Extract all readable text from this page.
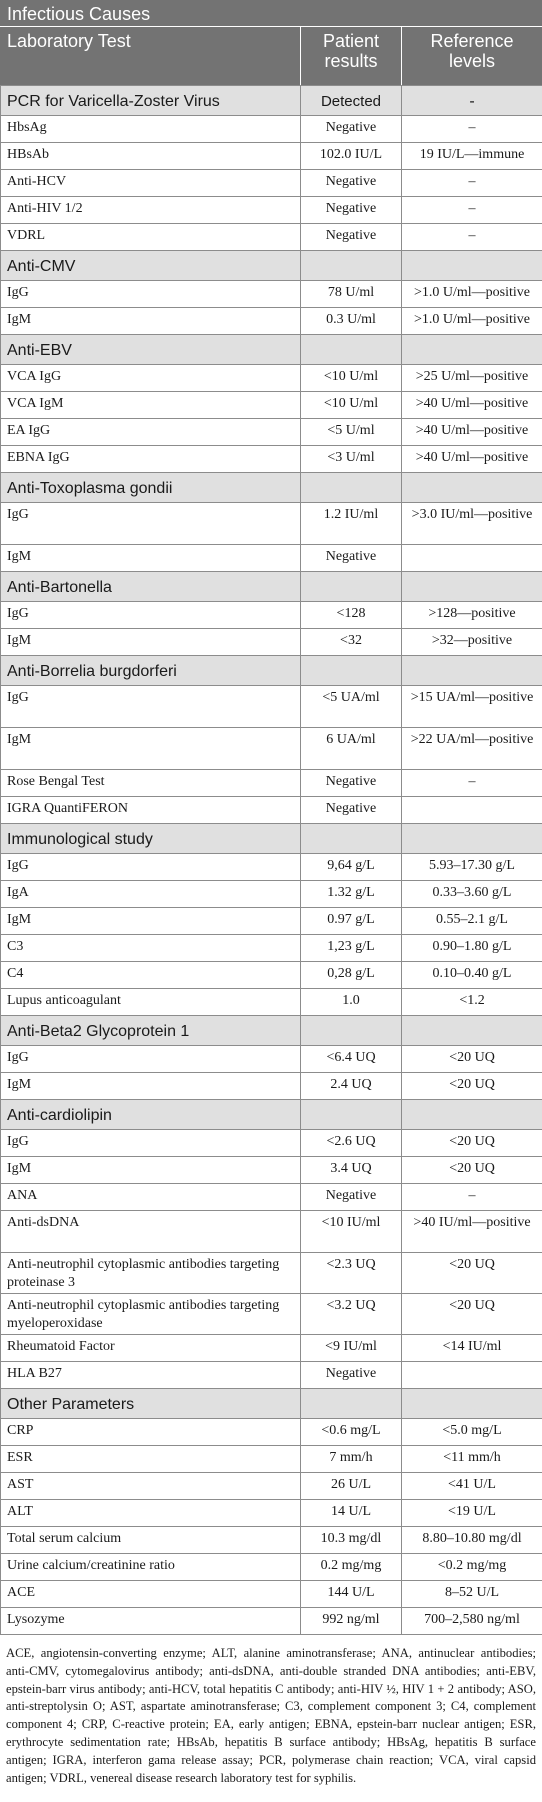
Infectious Causes		
Laboratory Test	Patient results	Reference levels
PCR for Varicella-Zoster Virus	Detected	-
HbsAg	Negative	–
HBsAb	102.0 IU/L	19 IU/L—immune
Anti-HCV	Negative	–
Anti-HIV 1/2	Negative	–
VDRL	Negative	–
Anti-CMV		
IgG	78 U/ml	>1.0 U/ml—positive
IgM	0.3 U/ml	>1.0 U/ml—positive
Anti-EBV		
VCA IgG	<10 U/ml	>25 U/ml—positive
VCA IgM	<10 U/ml	>40 U/ml—positive
EA IgG	<5 U/ml	>40 U/ml—positive
EBNA IgG	<3 U/ml	>40 U/ml—positive
Anti-Toxoplasma gondii		
IgG	1.2 IU/ml	>3.0 IU/ml—positive
IgM	Negative	
Anti-Bartonella		
IgG	<128	>128—positive
IgM	<32	>32—positive
Anti-Borrelia burgdorferi		
IgG	<5 UA/ml	>15 UA/ml—positive
IgM	6 UA/ml	>22 UA/ml—positive
Rose Bengal Test	Negative	–
IGRA QuantiFERON	Negative	
Immunological study		
IgG	9,64 g/L	5.93–17.30 g/L
IgA	1.32 g/L	0.33–3.60 g/L
IgM	0.97 g/L	0.55–2.1 g/L
C3	1,23 g/L	0.90–1.80 g/L
C4	0,28 g/L	0.10–0.40 g/L
Lupus anticoagulant	1.0	<1.2
Anti-Beta2 Glycoprotein 1		
IgG	<6.4 UQ	<20 UQ
IgM	2.4 UQ	<20 UQ
Anti-cardiolipin		
IgG	<2.6 UQ	<20 UQ
IgM	3.4 UQ	<20 UQ
ANA	Negative	–
Anti-dsDNA	<10 IU/ml	>40 IU/ml—positive
Anti-neutrophil cytoplasmic antibodies targeting proteinase 3	<2.3 UQ	<20 UQ
Anti-neutrophil cytoplasmic antibodies targeting myeloperoxidase	<3.2 UQ	<20 UQ
Rheumatoid Factor	<9 IU/ml	<14 IU/ml
HLA B27	Negative	
Other Parameters		
CRP	<0.6 mg/L	<5.0 mg/L
ESR	7 mm/h	<11 mm/h
AST	26 U/L	<41 U/L
ALT	14 U/L	<19 U/L
Total serum calcium	10.3 mg/dl	8.80–10.80 mg/dl
Urine calcium/creatinine ratio	0.2 mg/mg	<0.2 mg/mg
ACE	144 U/L	8–52 U/L
Lysozyme	992 ng/ml	700–2,580 ng/ml
ACE, angiotensin-converting enzyme; ALT, alanine aminotransferase; ANA, antinuclear antibodies; anti-CMV, cytomegalovirus antibody; anti-dsDNA, anti-double stranded DNA antibodies; anti-EBV, epstein-barr virus antibody; anti-HCV, total hepatitis C antibody; anti-HIV ½, HIV 1 + 2 antibody; ASO, anti-streptolysin O; AST, aspartate aminotransferase; C3, complement component 3; C4, complement component 4; CRP, C-reactive protein; EA, early antigen; EBNA, epstein-barr nuclear antigen; ESR, erythrocyte sedimentation rate; HBsAb, hepatitis B surface antibody; HBsAg, hepatitis B surface antigen; IGRA, interferon gama release assay; PCR, polymerase chain reaction; VCA, viral capsid antigen; VDRL, venereal disease research laboratory test for syphilis.
